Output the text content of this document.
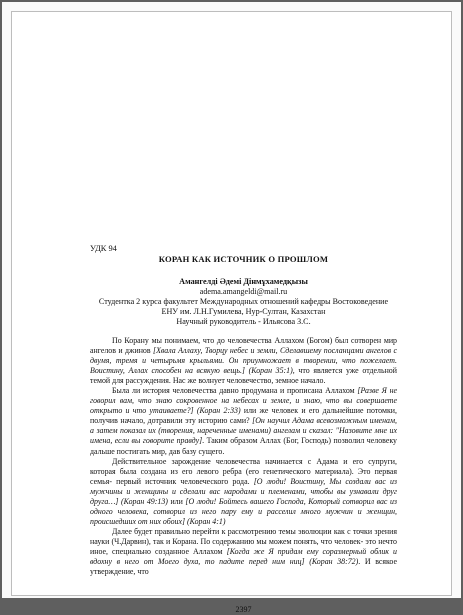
УДК 94
КОРАН КАК ИСТОЧНИК О ПРОШЛОМ
Амангелді Әдемі Дінмұхамедқызы
adema.amangeldi@mail.ru
Студентка 2 курса факультет Международных отношений кафедры Востоковедение
ЕНУ им. Л.Н.Гумилева, Нур-Султан, Казахстан
Научный руководитель - Ильясова З.С.

По Корану мы понимаем, что до человечества Аллахом (Богом) был сотворен мир ангелов и джинов [Хвала Аллаху, Творцу небес и земли, Сделавшему посланцами ангелов с двумя, тремя и четырьмя крыльями. Он приумножает в творении, что пожелает. Воистину, Аллах способен на всякую вещь.] (Коран 35:1), что является уже отдельной темой для рассуждения. Нас же волнует человечество, земное начало.

Была ли история человечества давно продумана и прописана Аллахом [Разве Я не говорил вам, что знаю сокровенное на небесах и земле, и знаю, что вы совершаете открыто и что утаиваете?] (Коран 2:33) или же человек и его дальнейшие потомки, получив начало, дотравили эту историю сами? [Он научил Адама всевозможным именам, а затем показал их (творения, нареченные именами) ангелам и сказал: "Назовите мне их имена, если вы говорите правду]. Таким образом Аллах (Бог, Господь) позволил человеку дальше постигать мир, дав базу сущего.

Действительное зарождение человечества начинается с Адама и его супруги, которая была создана из его левого ребра (его генетического материала). Это первая семья- первый источник человеческого рода. [О люди! Воистину, Мы создали вас из мужчины и женщины и сделали вас народами и племенами, чтобы вы узнавали друг друга…] (Коран 49:13) или [О люди! Бойтесь вашего Господа, Который сотворил вас из одного человека, сотворил из него пару ему и расселил много мужчин и женщин, происшедших от них обоих] (Коран 4:1)

Далее будет правильно перейти к рассмотрению темы эволюции как с точки зрения науки (Ч.Дарвин), так и Корана. По содержанию мы можем понять, что человек- это нечто иное, специально созданное Аллахом [Когда же Я придам ему соразмерный облик и вдохну в него от Моего духа, то падите перед ним ниц] (Коран 38:72). И всякое утверждение, что

2397
